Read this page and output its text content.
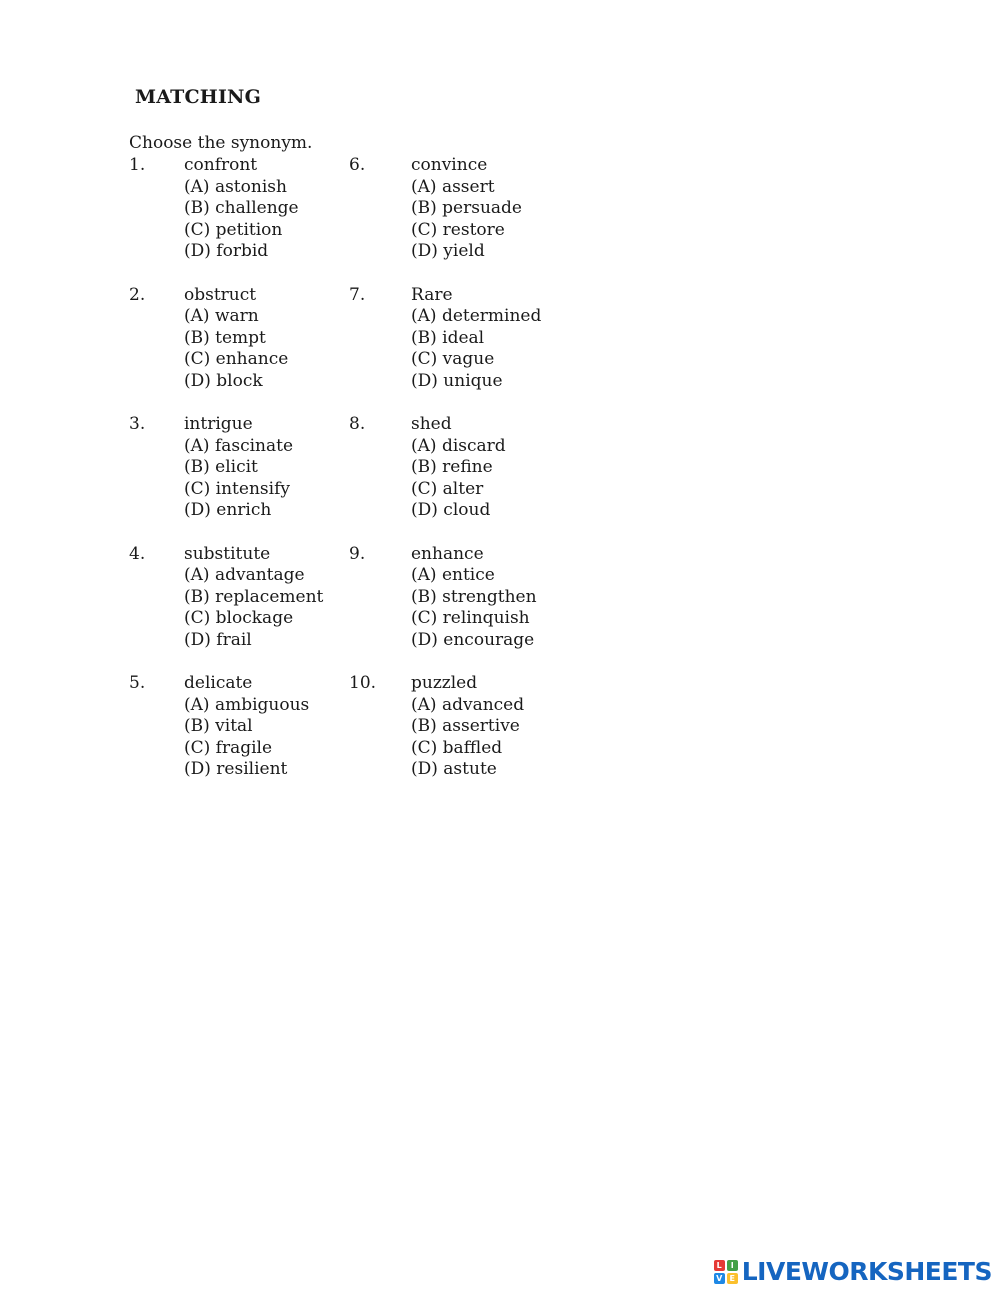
MATCHING

Choose the synonym.

1. confront
(A) astonish
(B) challenge
(C) petition
(D) forbid
2. obstruct
(A) warn
(B) tempt
(C) enhance
(D) block
3. intrigue
(A) fascinate
(B) elicit
(C) intensify
(D) enrich
4. substitute
(A) advantage
(B) replacement
(C) blockage
(D) frail
5. delicate
(A) ambiguous
(B) vital
(C) fragile
(D) resilient
6.	convince
(A) assert
(B) persuade
(C) restore
(D) yield
7.	Rare
(A) determined
(B) ideal
(C) vague
(D) unique
8.	shed
(A) discard
(B) refine
(C) alter
(D) cloud
9.	enhance
(A) entice
(B) strengthen
(C) relinquish
(D) encourage
10. puzzled
(A) advanced
(B) assertive
(C) baffled
(D) astute
L	I
V E LIVEWORKSHEETS
